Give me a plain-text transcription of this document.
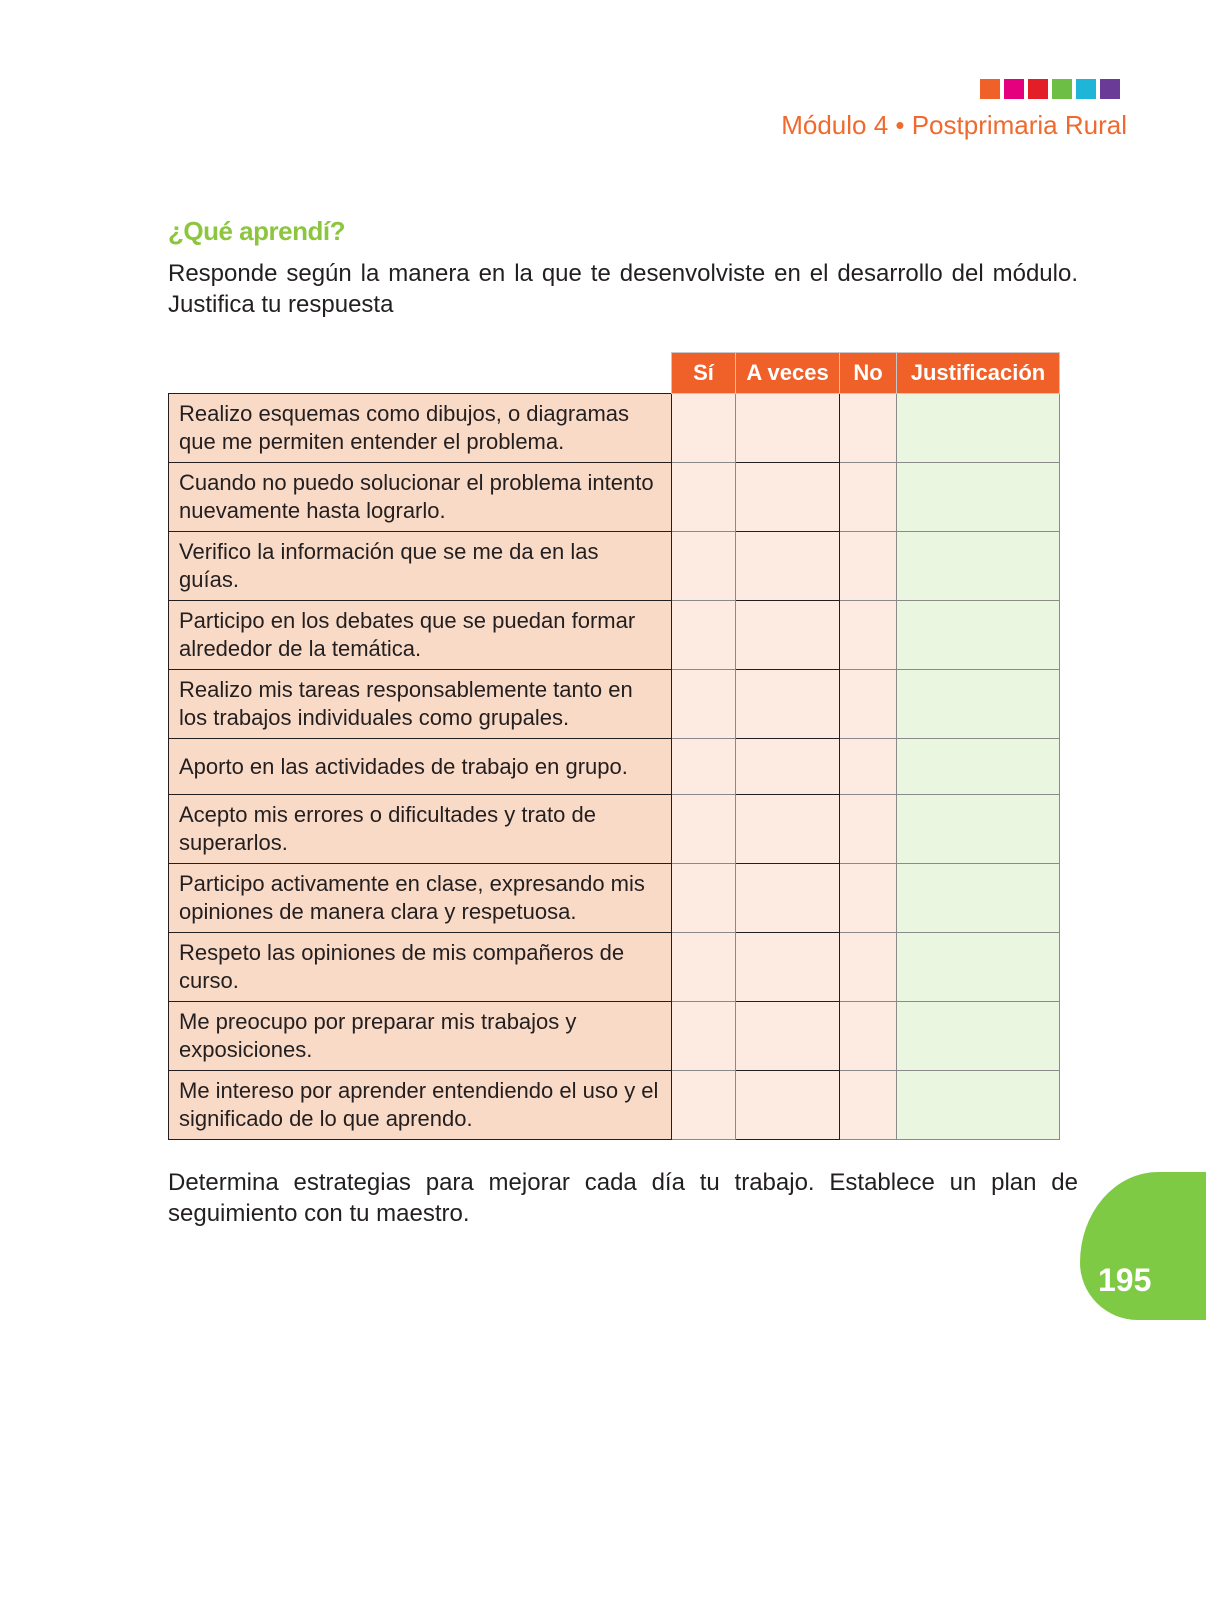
Módulo 4 • Postprimaria Rural
¿Qué aprendí?
Responde según la manera en la que te desenvolviste en el desarrollo del módulo. Justifica tu respuesta
	Sí	A veces	No	Justificación
Realizo esquemas como dibujos, o diagramas que me permiten entender el problema.				
Cuando no puedo solucionar el problema intento nuevamente hasta lograrlo.				
Verifico la información que se me da en las guías.				
Participo en los debates que se puedan formar alrededor de la temática.				
Realizo mis tareas responsablemente tanto en los trabajos individuales como grupales.				
Aporto en las actividades de trabajo en grupo.				
Acepto mis errores o dificultades y trato de superarlos.				
Participo activamente en clase, expresando mis opiniones de manera clara y respetuosa.				
Respeto las opiniones de mis compañeros de curso.				
Me preocupo por preparar mis trabajos y exposiciones.				
Me intereso por aprender entendiendo el uso y el significado de lo que aprendo.				
Determina estrategias para mejorar cada día tu trabajo. Establece un plan de seguimiento con tu maestro.
195
